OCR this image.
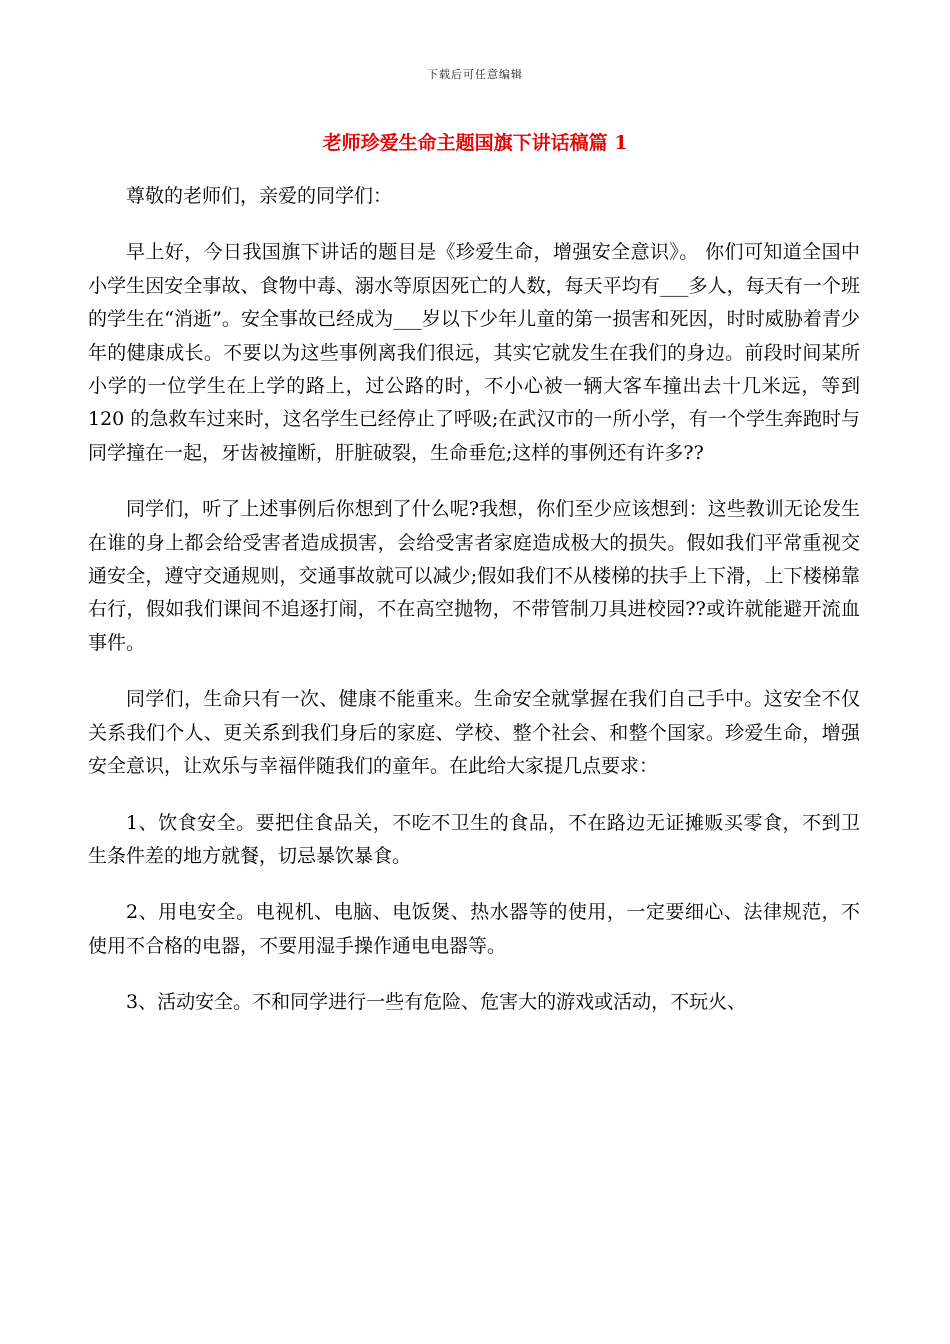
下载后可任意编辑
老师珍爱生命主题国旗下讲话稿篇 1

尊敬的老师们，亲爱的同学们：

早上好，今日我国旗下讲话的题目是《珍爱生命，增强安全意识》。 你们可知道全国中小学生因安全事故、食物中毒、溺水等原因死亡的人数，每天平均有___多人，每天有一个班的学生在“消逝”。安全事故已经成为___岁以下少年儿童的第一损害和死因，时时威胁着青少年的健康成长。不要以为这些事例离我们很远，其实它就发生在我们的身边。前段时间某所小学的一位学生在上学的路上，过公路的时，不小心被一辆大客车撞出去十几米远，等到 120 的急救车过来时，这名学生已经停止了呼吸;在武汉市的一所小学，有一个学生奔跑时与同学撞在一起，牙齿被撞断，肝脏破裂，生命垂危;这样的事例还有许多??

同学们，听了上述事例后你想到了什么呢?我想，你们至少应该想到：这些教训无论发生在谁的身上都会给受害者造成损害，会给受害者家庭造成极大的损失。假如我们平常重视交通安全，遵守交通规则，交通事故就可以减少;假如我们不从楼梯的扶手上下滑，上下楼梯靠右行，假如我们课间不追逐打闹，不在高空抛物，不带管制刀具进校园??或许就能避开流血事件。

同学们，生命只有一次、健康不能重来。生命安全就掌握在我们自己手中。这安全不仅关系我们个人、更关系到我们身后的家庭、学校、整个社会、和整个国家。珍爱生命，增强安全意识，让欢乐与幸福伴随我们的童年。在此给大家提几点要求：

1、饮食安全。要把住食品关，不吃不卫生的食品，不在路边无证摊贩买零食，不到卫生条件差的地方就餐，切忌暴饮暴食。

2、用电安全。电视机、电脑、电饭煲、热水器等的使用，一定要细心、法律规范，不使用不合格的电器，不要用湿手操作通电电器等。

3、活动安全。不和同学进行一些有危险、危害大的游戏或活动，不玩火、
